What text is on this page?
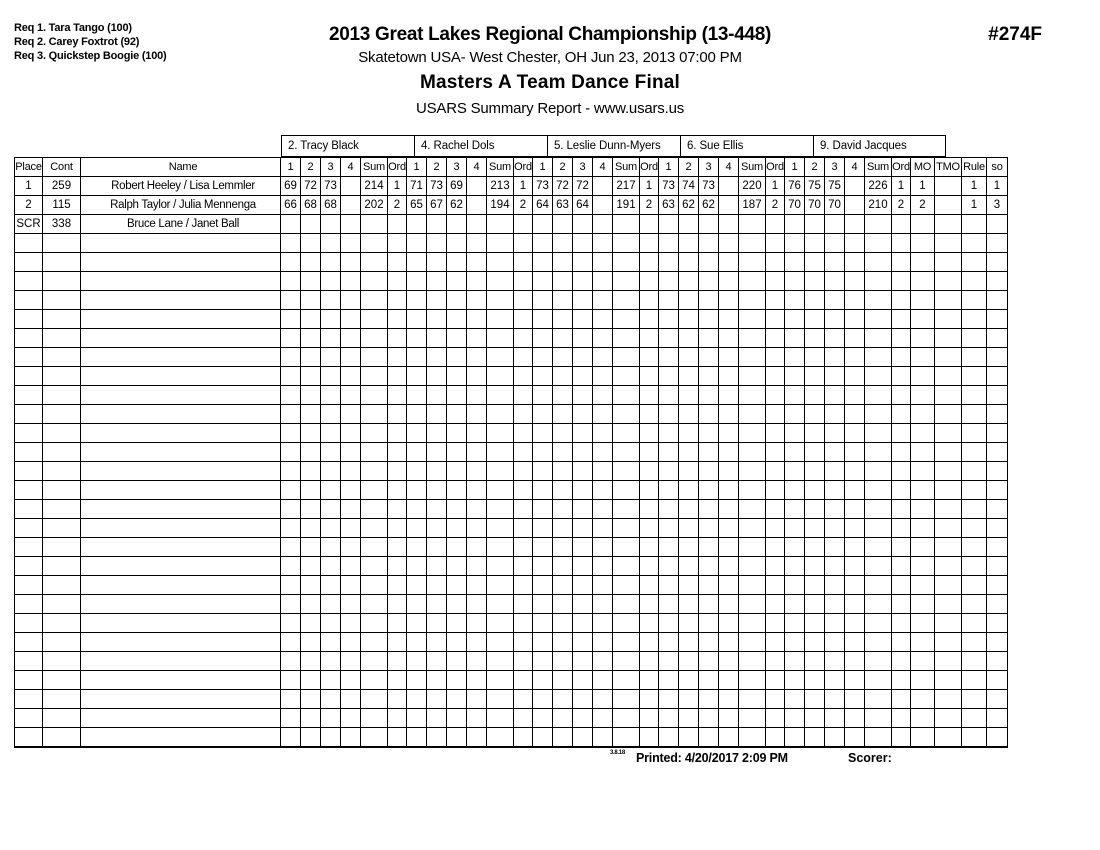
Req 1. Tara Tango (100)
Req 2. Carey Foxtrot (92)
Req 3. Quickstep Boogie (100)
2013 Great Lakes Regional Championship (13-448)
Skatetown USA- West Chester, OH Jun 23, 2013 07:00 PM
Masters A Team Dance Final
USARS Summary Report - www.usars.us
#274F
2. Tracy Black	4. Rachel Dols	5. Leslie Dunn-Myers	6. Sue Ellis	9. David Jacques
Place	Cont	Name	1	2	3	4	Sum	Ord	1	2	3	4	Sum	Ord	1	2	3	4	Sum	Ord	1	2	3	4	Sum	Ord	1	2	3	4	Sum	Ord	MO	TMO	Rule	so
1	259	Robert Heeley / Lisa Lemmler	69	72	73		214	1	71	73	69		213	1	73	72	72		217	1	73	74	73		220	1	76	75	75		226	1	1		1	1
2	115	Ralph Taylor / Julia Mennenga	66	68	68		202	2	65	67	62		194	2	64	63	64		191	2	63	62	62		187	2	70	70	70		210	2	2		1	3
SCR	338	Bruce Lane / Janet Ball																																		

3.8.18 Printed: 4/20/2017 2:09 PM	Scorer:
